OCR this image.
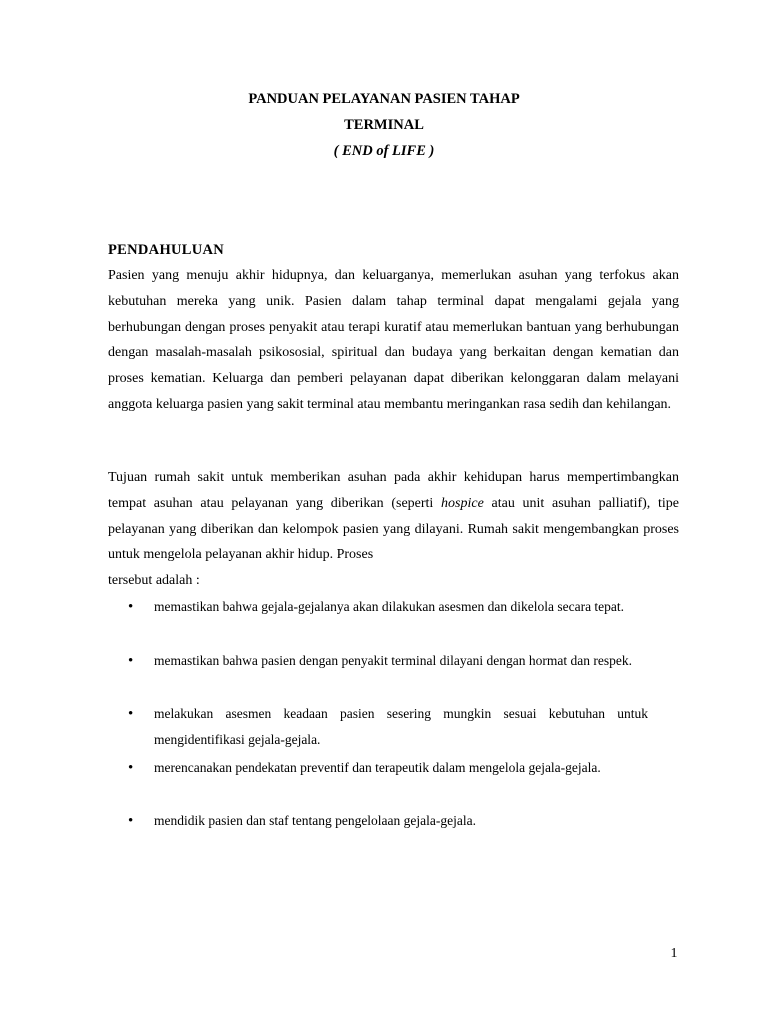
PANDUAN PELAYANAN PASIEN TAHAP
TERMINAL
( END of LIFE )
PENDAHULUAN

Pasien yang menuju akhir hidupnya, dan keluarganya, memerlukan asuhan yang terfokus akan kebutuhan mereka yang unik. Pasien dalam tahap terminal dapat mengalami gejala yang berhubungan dengan proses penyakit atau terapi kuratif atau memerlukan bantuan yang berhubungan dengan masalah-masalah psikososial, spiritual dan budaya yang berkaitan dengan kematian dan proses kematian. Keluarga dan pemberi pelayanan dapat diberikan kelonggaran dalam melayani anggota keluarga pasien yang sakit terminal atau membantu meringankan rasa sedih dan kehilangan.

Tujuan rumah sakit untuk memberikan asuhan pada akhir kehidupan harus mempertimbangkan tempat asuhan atau pelayanan yang diberikan (seperti hospice atau unit asuhan palliatif), tipe pelayanan yang diberikan dan kelompok pasien yang dilayani. Rumah sakit mengembangkan proses untuk mengelola pelayanan akhir hidup. Proses
tersebut adalah :

•	memastikan bahwa gejala-gejalanya akan dilakukan asesmen dan dikelola secara tepat.
•	memastikan bahwa pasien dengan penyakit terminal dilayani dengan hormat dan respek.
•	melakukan asesmen keadaan pasien sesering mungkin sesuai kebutuhan untuk mengidentifikasi gejala-gejala.
•	merencanakan pendekatan preventif dan terapeutik dalam mengelola gejala-gejala.
•	mendidik pasien dan staf tentang pengelolaan gejala-gejala.
1
